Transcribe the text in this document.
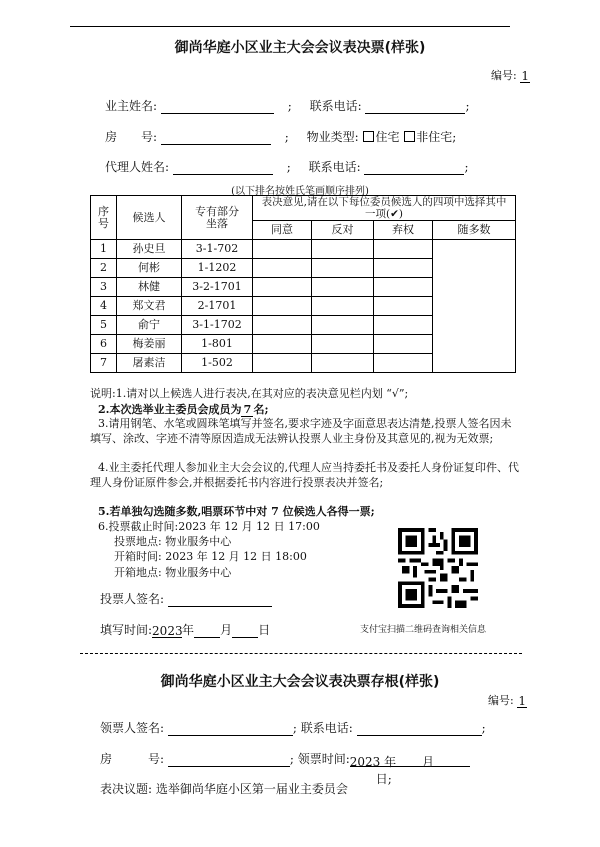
御尚华庭小区业主大会会议表决票(样张)
编号: 1
业主姓名:	; 联系电话:	;
房　　号:	; 物业类型: 住宅 非住宅;
代理人姓名:	; 联系电话:	;
(以下排名按姓氏笔画顺序排列)
序号	候选人	专有部分坐落	表决意见,请在以下每位委员候选人的四项中选择其中一项(✔)			

			同意	反对	弃权	随多数
1	孙史旦	3-1-702				
2	何彬	1-1202				
3	林健	3-2-1701				
4	郑文君	2-1701				
5	俞宁	3-1-1702				
6	梅姜丽	1-801				
7	屠素洁	1-502				
说明:1.请对以上候选人进行表决,在其对应的表决意见栏内划 “√”;
2.本次选举业主委员会成员为 7 名;
3.请用钢笔、水笔或圆珠笔填写并签名,要求字迹及字面意思表达清楚,投票人签名因未填写、涂改、字迹不清等原因造成无法辨认投票人业主身份及其意见的,视为无效票;
4.业主委托代理人参加业主大会会议的,代理人应当持委托书及委托人身份证复印件、代理人身份证原件参会,并根据委托书内容进行投票表决并签名;
5.若单独勾选随多数,唱票环节中对 7 位候选人各得一票;
6.投票截止时间:2023 年 12 月 12 日 17:00
投票地点: 物业服务中心
开箱时间: 2023 年 12 月 12 日 18:00
开箱地点: 物业服务中心
投票人签名:
填写时间:2023年 月 日	支付宝扫描二维码查询相关信息
御尚华庭小区业主大会会议表决票存根(样张)
编号: 1
领票人签名:	; 联系电话:	;
房　　　号:	; 领票时间:2023 年 月日;
表决议题: 选举御尚华庭小区第一届业主委员会
